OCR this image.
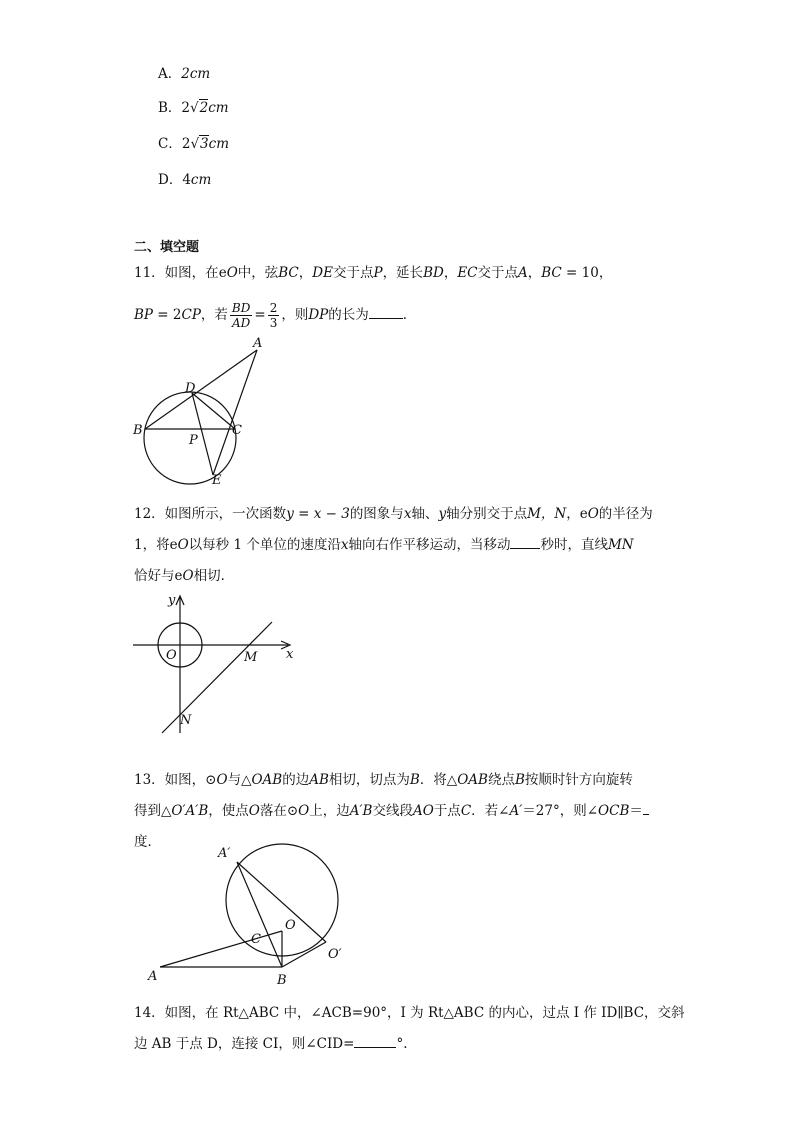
A．2cm
B．2√2cm
C．2√3cm
D．4cm
二、填空题
11．如图，在eO中，弦BC，DE交于点P，延长BD，EC交于点A，BC = 10，
BP = 2CP，若 $\frac{BD}{AD} = \frac{2}{3}$ ，则DP的长为	．
A
D
B	C
P
E
12．如图所示，一次函数y = x − 3的图象与x轴、y轴分别交于点M，N，eO的半径为
1，将eO以每秒 1 个单位的速度沿x轴向右作平移运动，当移动 秒时，直线MN
恰好与eO相切．
y
x
O	M
N
13．如图，⊙O与△OAB的边AB相切，切点为B．将△OAB绕点B按顺时针方向旋转
得到△O′A′B，使点O落在⊙O上，边A′B交线段AO于点C．若∠A′＝27°，则∠OCB＝
度．
A′
A
C
O
O′
B
14．如图，在 Rt△ABC 中，∠ACB=90°，I 为 Rt△ABC 的内心，过点 I 作 ID∥BC，交斜
边 AB 于点 D，连接 CI，则∠CID=	°.
